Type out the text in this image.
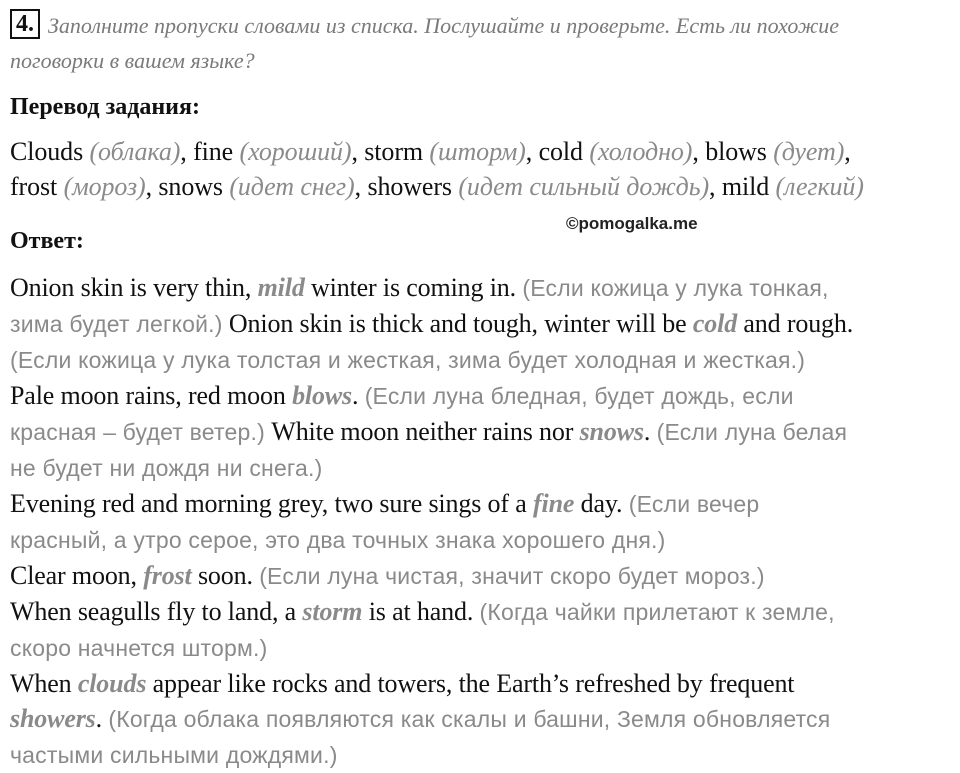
4. Заполните пропуски словами из списка. Послушайте и проверьте. Есть ли похожие
поговорки в вашем языке?
Перевод задания:
Clouds (облака), fine (хороший), storm (шторм), cold (холодно), blows (дует),
frost (мороз), snows (идет снег), showers (идет сильный дождь), mild (легкий)
Ответ:
©pomogalka.me
Onion skin is very thin, mild winter is coming in. (Если кожица у лука тонкая,
зима будет легкой.) Onion skin is thick and tough, winter will be cold and rough.
(Если кожица у лука толстая и жесткая, зима будет холодная и жесткая.)
Pale moon rains, red moon blows. (Если луна бледная, будет дождь, если
красная – будет ветер.) White moon neither rains nor snows. (Если луна белая
не будет ни дождя ни снега.)
Evening red and morning grey, two sure sings of a fine day. (Если вечер
красный, а утро серое, это два точных знака хорошего дня.)
Clear moon, frost soon. (Если луна чистая, значит скоро будет мороз.)
When seagulls fly to land, a storm is at hand. (Когда чайки прилетают к земле,
скоро начнется шторм.)
When clouds appear like rocks and towers, the Earth’s refreshed by frequent
showers. (Когда облака появляются как скалы и башни, Земля обновляется
частыми сильными дождями.)
